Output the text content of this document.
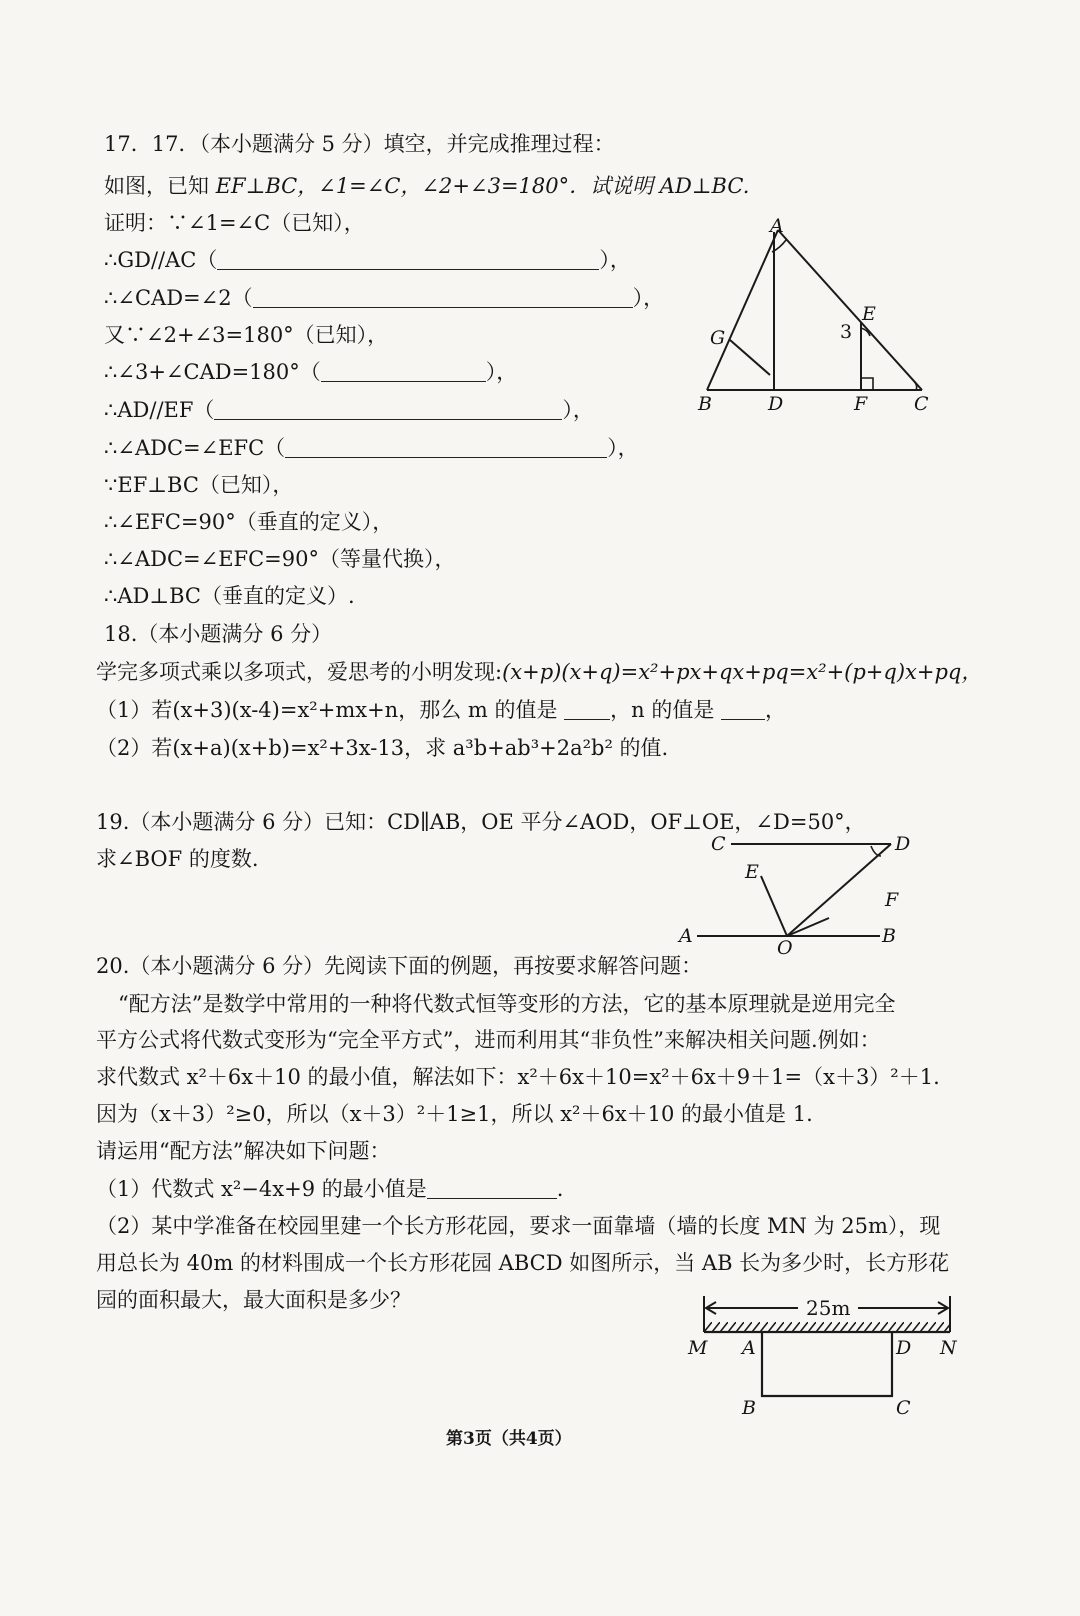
17．17．（本小题满分 5 分）填空，并完成推理过程：
如图，已知 EF⊥BC，∠1=∠C，∠2+∠3=180°．试说明 AD⊥BC.
证明：∵∠1=∠C（已知），
∴GD//AC（	），
∴∠CAD=∠2（	），
又∵∠2+∠3=180°（已知），
∴∠3+∠CAD=180°（	），
∴AD//EF（	），
∴∠ADC=∠EFC（	），
∵EF⊥BC（已知），
∴∠EFC=90°（垂直的定义），
∴∠ADC=∠EFC=90°（等量代换），
∴AD⊥BC（垂直的定义）.
A
B	C
D
E
F
G	3
18.（本小题满分 6 分）
学完多项式乘以多项式，爱思考的小明发现:(x+p)(x+q)=x²+px+qx+pq=x²+(p+q)x+pq，
（1）若(x+3)(x-4)=x²+mx+n，那么 m 的值是	，n 的值是 ，
（2）若(x+a)(x+b)=x²+3x-13，求 a³b+ab³+2a²b² 的值.
19.（本小题满分 6 分）已知：CD∥AB，OE 平分∠AOD，OF⊥OE，∠D=50°，
求∠BOF 的度数.
C	D
E
F
A
O
B
20.（本小题满分 6 分）先阅读下面的例题，再按要求解答问题：
“配方法”是数学中常用的一种将代数式恒等变形的方法，它的基本原理就是逆用完全
平方公式将代数式变形为“完全平方式”，进而利用其“非负性”来解决相关问题.例如：
求代数式 x²＋6x＋10 的最小值，解法如下：x²＋6x＋10=x²＋6x＋9＋1=（x＋3）²＋1.
因为（x＋3）²≥0，所以（x＋3）²＋1≥1，所以 x²＋6x＋10 的最小值是 1.
请运用“配方法”解决如下问题：
（1）代数式 x²−4x+9 的最小值是	.
（2）某中学准备在校园里建一个长方形花园，要求一面靠墙（墙的长度 MN 为 25m），现
用总长为 40m 的材料围成一个长方形花园 ABCD 如图所示，当 AB 长为多少时，长方形花
园的面积最大，最大面积是多少？	25m
M A	D N
B	C
第3页（共4页）
